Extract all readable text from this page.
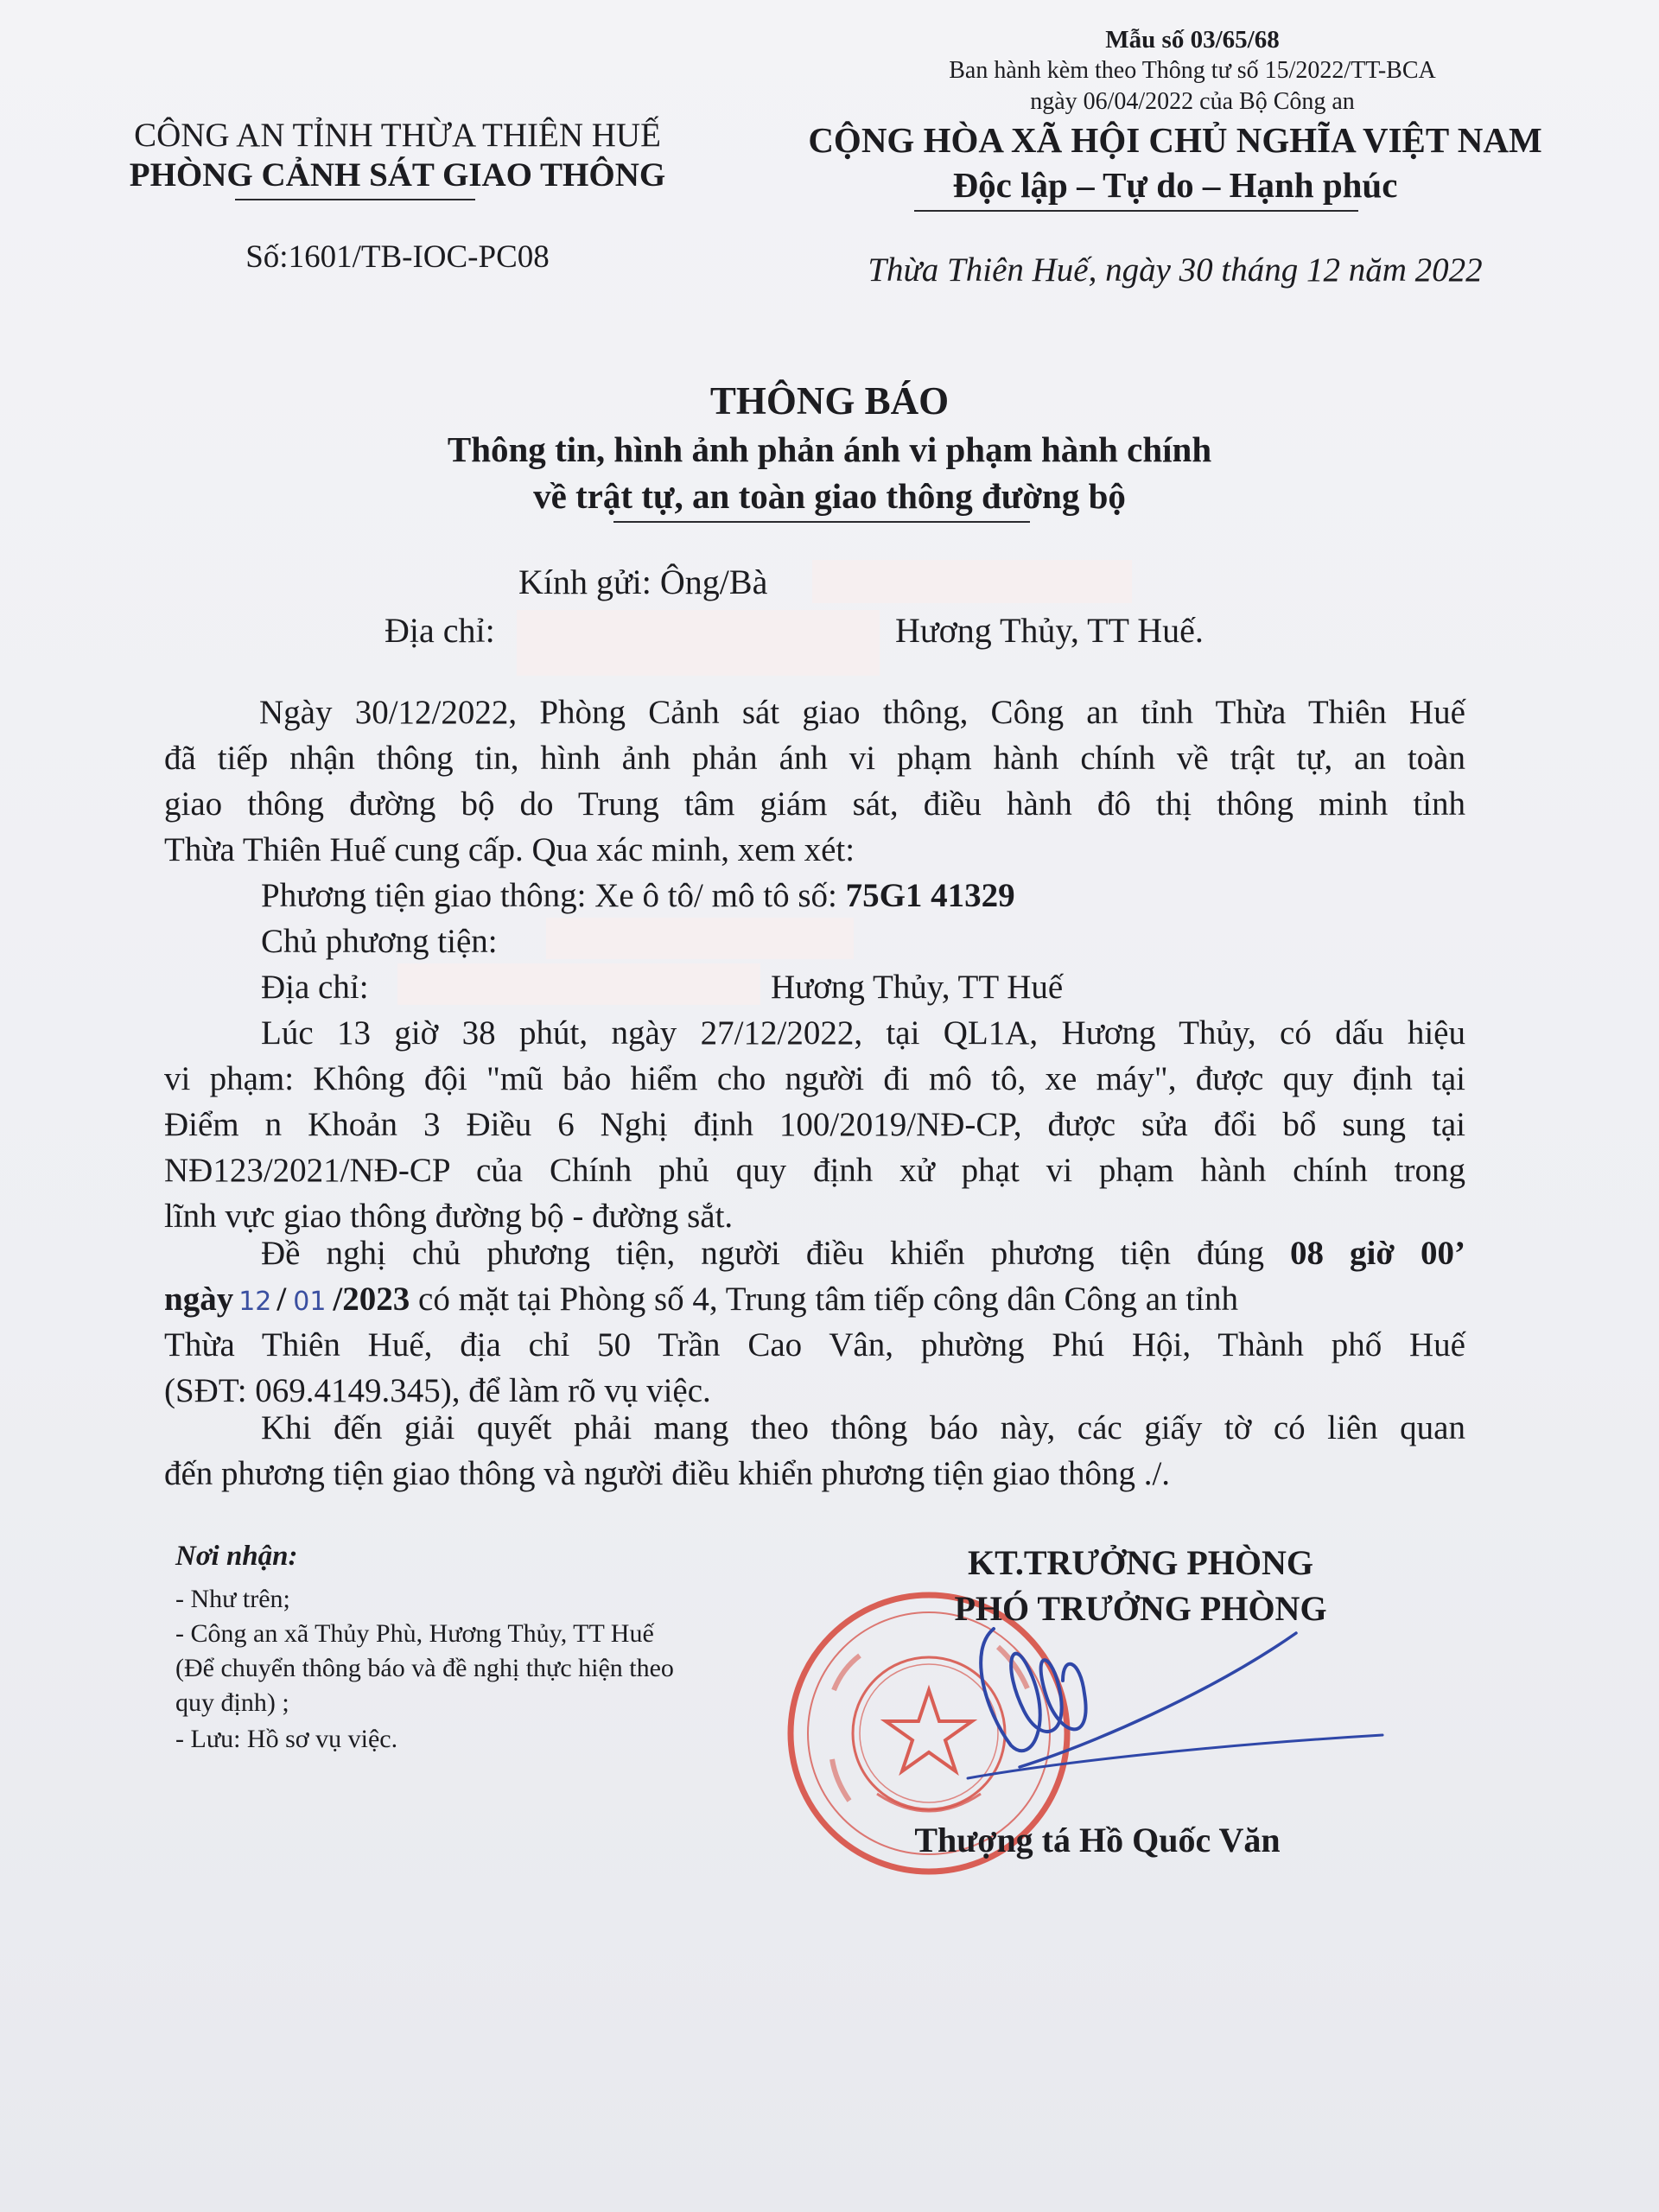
Mẫu số 03/65/68
Ban hành kèm theo Thông tư số 15/2022/TT-BCA
ngày 06/04/2022 của Bộ Công an
CÔNG AN TỈNH THỪA THIÊN HUẾ
PHÒNG CẢNH SÁT GIAO THÔNG
Số:1601/TB-IOC-PC08
CỘNG HÒA XÃ HỘI CHỦ NGHĨA VIỆT NAM
Độc lập – Tự do – Hạnh phúc
Thừa Thiên Huế, ngày 30 tháng 12 năm 2022
THÔNG BÁO
Thông tin, hình ảnh phản ánh vi phạm hành chính
về trật tự, an toàn giao thông đường bộ
Kính gửi: Ông/Bà
Địa chỉ:	Hương Thủy, TT Huế.
Ngày 30/12/2022, Phòng Cảnh sát giao thông, Công an tỉnh Thừa Thiên Huế
đã tiếp nhận thông tin, hình ảnh phản ánh vi phạm hành chính về trật tự, an toàn
giao thông đường bộ do Trung tâm giám sát, điều hành đô thị thông minh tỉnh
Thừa Thiên Huế cung cấp. Qua xác minh, xem xét:
Phương tiện giao thông: Xe ô tô/ mô tô số: 75G1 41329
Chủ phương tiện:
Địa chỉ:	Hương Thủy, TT Huế
Lúc 13 giờ 38 phút, ngày 27/12/2022, tại QL1A, Hương Thủy, có dấu hiệu
vi phạm: Không đội "mũ bảo hiểm cho người đi mô tô, xe máy", được quy định tại
Điểm n Khoản 3 Điều 6 Nghị định 100/2019/NĐ-CP, được sửa đổi bổ sung tại
NĐ123/2021/NĐ-CP của Chính phủ quy định xử phạt vi phạm hành chính trong
lĩnh vực giao thông đường bộ - đường sắt.
Đề nghị chủ phương tiện, người điều khiển phương tiện đúng 08 giờ 00’
ngày 12 / 01 /2023 có mặt tại Phòng số 4, Trung tâm tiếp công dân Công an tỉnh
Thừa Thiên Huế, địa chỉ 50 Trần Cao Vân, phường Phú Hội, Thành phố Huế
(SĐT: 069.4149.345), để làm rõ vụ việc.
Khi đến giải quyết phải mang theo thông báo này, các giấy tờ có liên quan
đến phương tiện giao thông và người điều khiển phương tiện giao thông ./.
Nơi nhận:
- Như trên;
- Công an xã Thủy Phù, Hương Thủy, TT Huế
(Để chuyển thông báo và đề nghị thực hiện theo
quy định) ;
- Lưu: Hồ sơ vụ việc.
KT.TRƯỞNG PHÒNG
PHÓ TRƯỞNG PHÒNG
Thượng tá Hồ Quốc Văn
